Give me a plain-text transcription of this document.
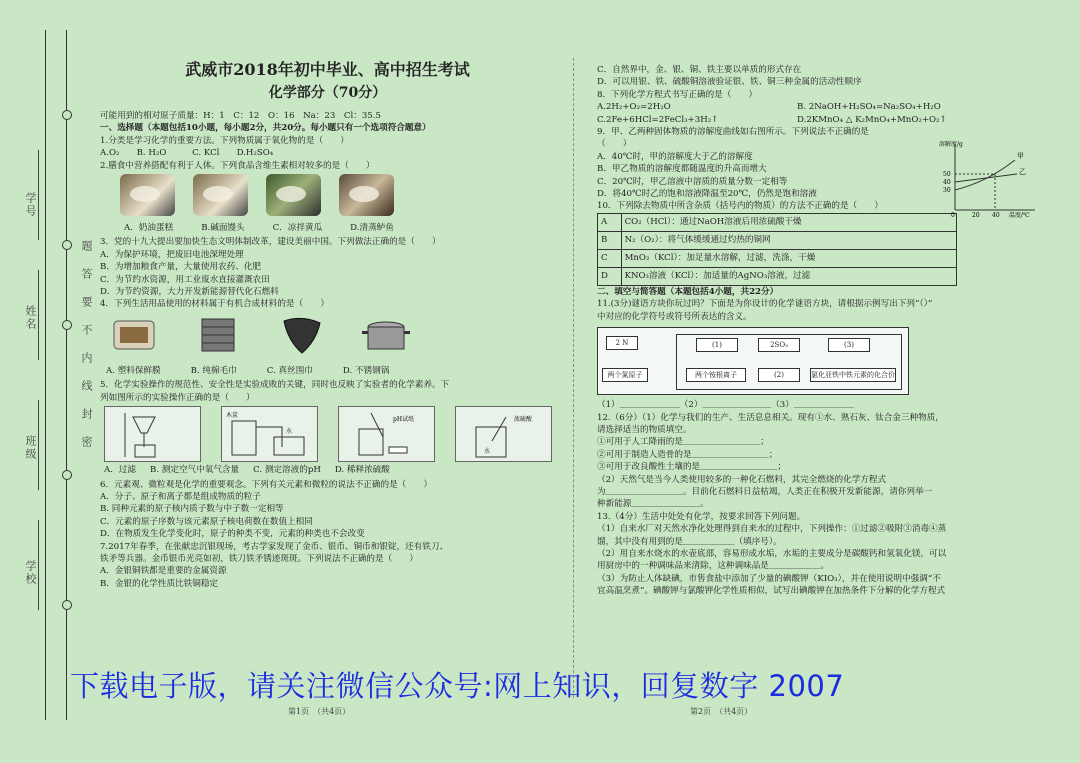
学号
姓名
班级
学校
题
答
要
不
内
线
封
密

武威市2018年初中毕业、高中招生考试

化学部分（70分）

可能用到的相对原子质量：H：1　C：12　O：16　Na：23　Cl：35.5
一、选择题（本题包括10小题，每小题2分，共20分。每小题只有一个选项符合题意）
1.分类是学习化学的重要方法。下列物质属于氧化物的是（　　）
A.O₂　　B. H₂O　　　C. KCl　　D.H₂SO₄
2.膳食中营养搭配有利于人体。下列食品含维生素相对较多的是（　　）
A．奶油蛋糕	B.碱面馒头	C．凉拌黄瓜	D.清蒸鲈鱼
3．党的十九大提出要加快生态文明体制改革，建设美丽中国。下列做法正确的是（　　）
A．为保护环境，把废旧电池深埋处理
B．为增加粮食产量，大量使用农药、化肥
C．为节约水资源，用工业废水直接灌溉农田
D．为节约资源，大力开发新能源替代化石燃料
4．下列生活用品使用的材料属于有机合成材料的是（　　）
A. 塑料保鲜膜	B. 纯棉毛巾	C. 真丝围巾	D. 不锈钢锅
5．化学实验操作的规范性、安全性是实验成败的关键，同时也反映了实验者的化学素养。下
列如图所示的实验操作正确的是（　　）
木炭
水
pH试纸	浓硫酸
水
A．过滤 B. 测定空气中氧气含量 C. 测定溶液的pH D. 稀释浓硫酸
6．元素观、微粒观是化学的重要观念。下列有关元素和微粒的说法不正确的是（　　）
A．分子、原子和离子都是组成物质的粒子
B. 同种元素的原子核内质子数与中子数一定相等
C．元素的原子序数与该元素原子核电荷数在数值上相同
D．在物质发生化学变化时，原子的种类不变，元素的种类也不会改变
7.2017年春季，在张献忠沉银现场，考古学家发现了金币、银币、铜币和银锭，还有铁刀、
铁矛等兵器。金币银币光亮如初，铁刀铁矛锈迹斑斑。下列说法不正确的是（　　）
A．金银铜铁都是重要的金属资源
B．金银的化学性质比铁铜稳定
C．自然界中，金、银、铜、铁主要以单质的形式存在
D．可以用银、铁、硫酸铜溶液验证银、铁、铜三种金属的活动性顺序
8．下列化学方程式书写正确的是（　　）
A.2H₂+O₂=2H₂O	B. 2NaOH+H₂SO₄=Na₂SO₄+H₂O
C.2Fe+6HCl=2FeCl₃+3H₂↑	D.2KMnO₄ △ K₂MnO₄+MnO₂+O₂↑
9．甲、乙两种固体物质的溶解度曲线如右图所示。下列说法不正确的是
（　　）
A．40℃时，甲的溶解度大于乙的溶解度
B．甲乙物质的溶解度都随温度的升高而增大
C．20℃时，甲乙溶液中溶质的质量分数一定相等
D．将40℃时乙的饱和溶液降温至20℃，仍然是饱和溶液
溶解度/g
温度/℃
0	20 40
30
40
50
甲
乙
10．下列除去物质中所含杂质（括号内的物质）的方法不正确的是（　　）
A	CO₂（HCl）：通过NaOH溶液后用浓硫酸干燥
B	N₂（O₂）：将气体缓缓通过灼热的铜网
C	MnO₂（KCl）：加足量水溶解，过滤，洗涤，干燥
D	KNO₃溶液（KCl）：加适量的AgNO₃溶液，过滤
二、填空与简答题（本题包括4小题，共22分）
11.(3分)谜语方块你玩过吗？下面是为你设计的化学谜语方块，请根据示例写出下列“（）”
中对应的化学符号或符号所表达的含义。
2 N
两个氮原子
(1)
两个铵根离子
2SO₃
(2)
(3)
氯化亚铁中铁元素的化合价
（1）＿＿＿＿＿＿＿（2）＿＿＿＿＿＿＿＿（3）＿＿＿＿＿＿＿
12.（6分）（1）化学与我们的生产、生活息息相关。现有①水、熟石灰、钛合金三种物质，
请选择适当的物质填空。
①可用于人工降雨的是＿＿＿＿＿＿＿＿＿；
②可用于制造人造骨的是＿＿＿＿＿＿＿＿＿；
③可用于改良酸性土壤的是＿＿＿＿＿＿＿＿＿；
（2）天然气是当今人类使用较多的一种化石燃料，其完全燃烧的化学方程式
为＿＿＿＿＿＿＿＿＿。目前化石燃料日益枯竭，人类正在积极开发新能源，请你列举一
种新能源＿＿＿＿＿＿＿＿。
13.（4分）生活中处处有化学，按要求回答下列问题。
（1）自来水厂对天然水净化处理得到自来水的过程中，下列操作：①过滤②吸附③消毒④蒸
馏，其中没有用到的是＿＿＿＿＿＿（填序号）。
（2）用自来水烧水的水壶底部，容易形成水垢，水垢的主要成分是碳酸钙和氢氧化镁，可以
用厨房中的一种调味品来清除，这种调味品是＿＿＿＿＿＿。
（3）为防止人体缺碘，市售食盐中添加了少量的碘酸钾（KIO₃），并在使用说明中强调“不
宜高温烹煮”。碘酸钾与氯酸钾化学性质相似，试写出碘酸钾在加热条件下分解的化学方程式
下载电子版，请关注微信公众号:网上知识，回复数字 2007
第1页　（共4页）	第2页　（共4页）
